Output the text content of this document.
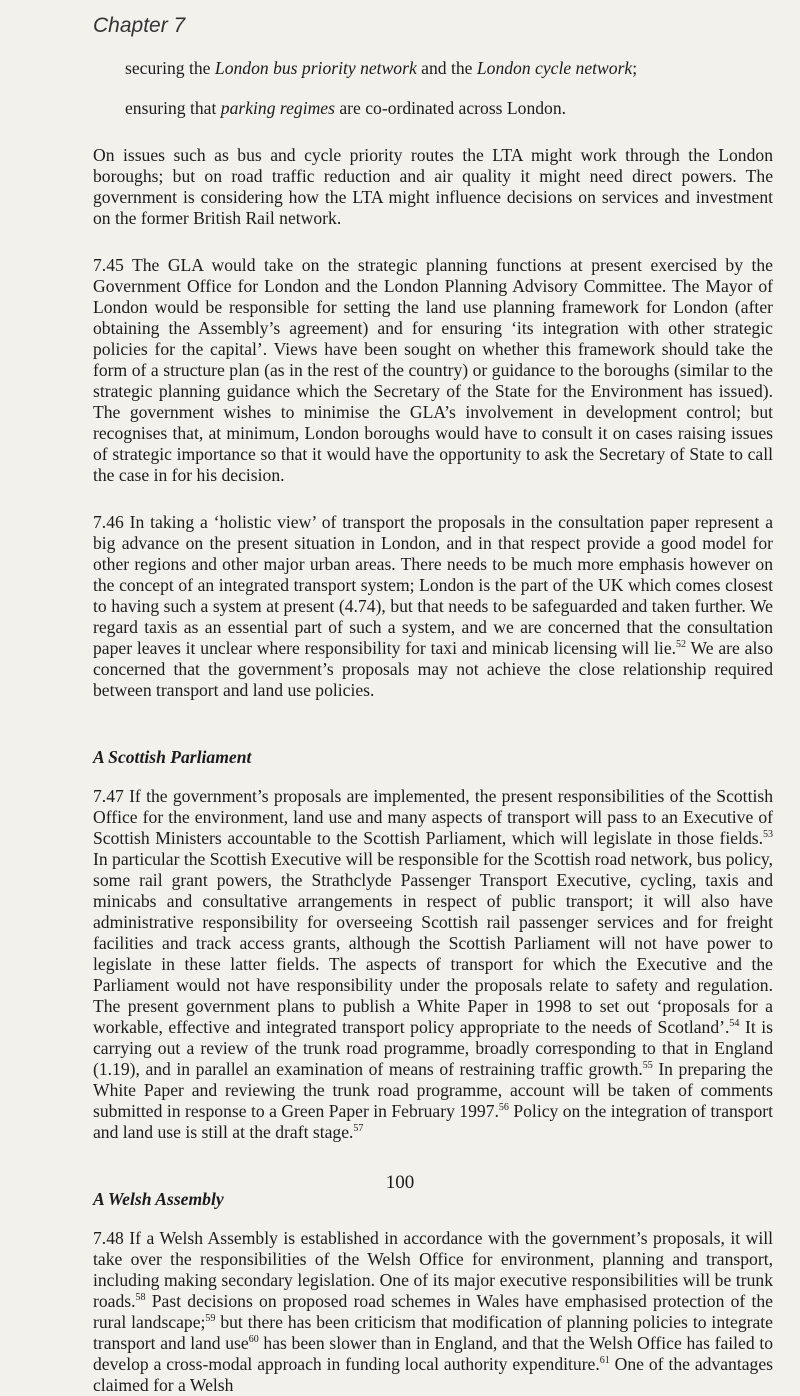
Chapter 7

securing the London bus priority network and the London cycle network;

ensuring that parking regimes are co-ordinated across London.

On issues such as bus and cycle priority routes the LTA might work through the London boroughs; but on road traffic reduction and air quality it might need direct powers. The government is considering how the LTA might influence decisions on services and investment on the former British Rail network.

7.45 The GLA would take on the strategic planning functions at present exercised by the Government Office for London and the London Planning Advisory Committee. The Mayor of London would be responsible for setting the land use planning framework for London (after obtaining the Assembly’s agreement) and for ensuring ‘its integration with other strategic policies for the capital’. Views have been sought on whether this framework should take the form of a structure plan (as in the rest of the country) or guidance to the boroughs (similar to the strategic planning guidance which the Secretary of the State for the Environment has issued). The government wishes to minimise the GLA’s involvement in development control; but recognises that, at minimum, London boroughs would have to consult it on cases raising issues of strategic importance so that it would have the opportunity to ask the Secretary of State to call the case in for his decision.

7.46 In taking a ‘holistic view’ of transport the proposals in the consultation paper represent a big advance on the present situation in London, and in that respect provide a good model for other regions and other major urban areas. There needs to be much more emphasis however on the concept of an integrated transport system; London is the part of the UK which comes closest to having such a system at present (4.74), but that needs to be safeguarded and taken further. We regard taxis as an essential part of such a system, and we are concerned that the consultation paper leaves it unclear where responsibility for taxi and minicab licensing will lie.$^{52}$ We are also concerned that the government’s proposals may not achieve the close relationship required between transport and land use policies.

A Scottish Parliament

7.47 If the government’s proposals are implemented, the present responsibilities of the Scottish Office for the environment, land use and many aspects of transport will pass to an Executive of Scottish Ministers accountable to the Scottish Parliament, which will legislate in those fields.$^{53}$ In particular the Scottish Executive will be responsible for the Scottish road network, bus policy, some rail grant powers, the Strathclyde Passenger Transport Executive, cycling, taxis and minicabs and consultative arrangements in respect of public transport; it will also have administrative responsibility for overseeing Scottish rail passenger services and for freight facilities and track access grants, although the Scottish Parliament will not have power to legislate in these latter fields. The aspects of transport for which the Executive and the Parliament would not have responsibility under the proposals relate to safety and regulation. The present government plans to publish a White Paper in 1998 to set out ‘proposals for a workable, effective and integrated transport policy appropriate to the needs of Scotland’.$^{54}$ It is carrying out a review of the trunk road programme, broadly corresponding to that in England (1.19), and in parallel an examination of means of restraining traffic growth.$^{55}$ In preparing the White Paper and reviewing the trunk road programme, account will be taken of comments submitted in response to a Green Paper in February 1997.56 Policy on the integration of transport and land use is still at the draft stage.$^{57}$

A Welsh Assembly

7.48 If a Welsh Assembly is established in accordance with the government’s proposals, it will take over the responsibilities of the Welsh Office for environment, planning and transport, including making secondary legislation. One of its major executive responsibilities will be trunk roads.$^{58}$ Past decisions on proposed road schemes in Wales have emphasised protection of the rural landscape;$^{59}$ but there has been criticism that modification of planning policies to integrate transport and land use$^{60}$ has been slower than in England, and that the Welsh Office has failed to develop a cross-modal approach in funding local authority expenditure.$^{61}$ One of the advantages claimed for a Welsh

100
